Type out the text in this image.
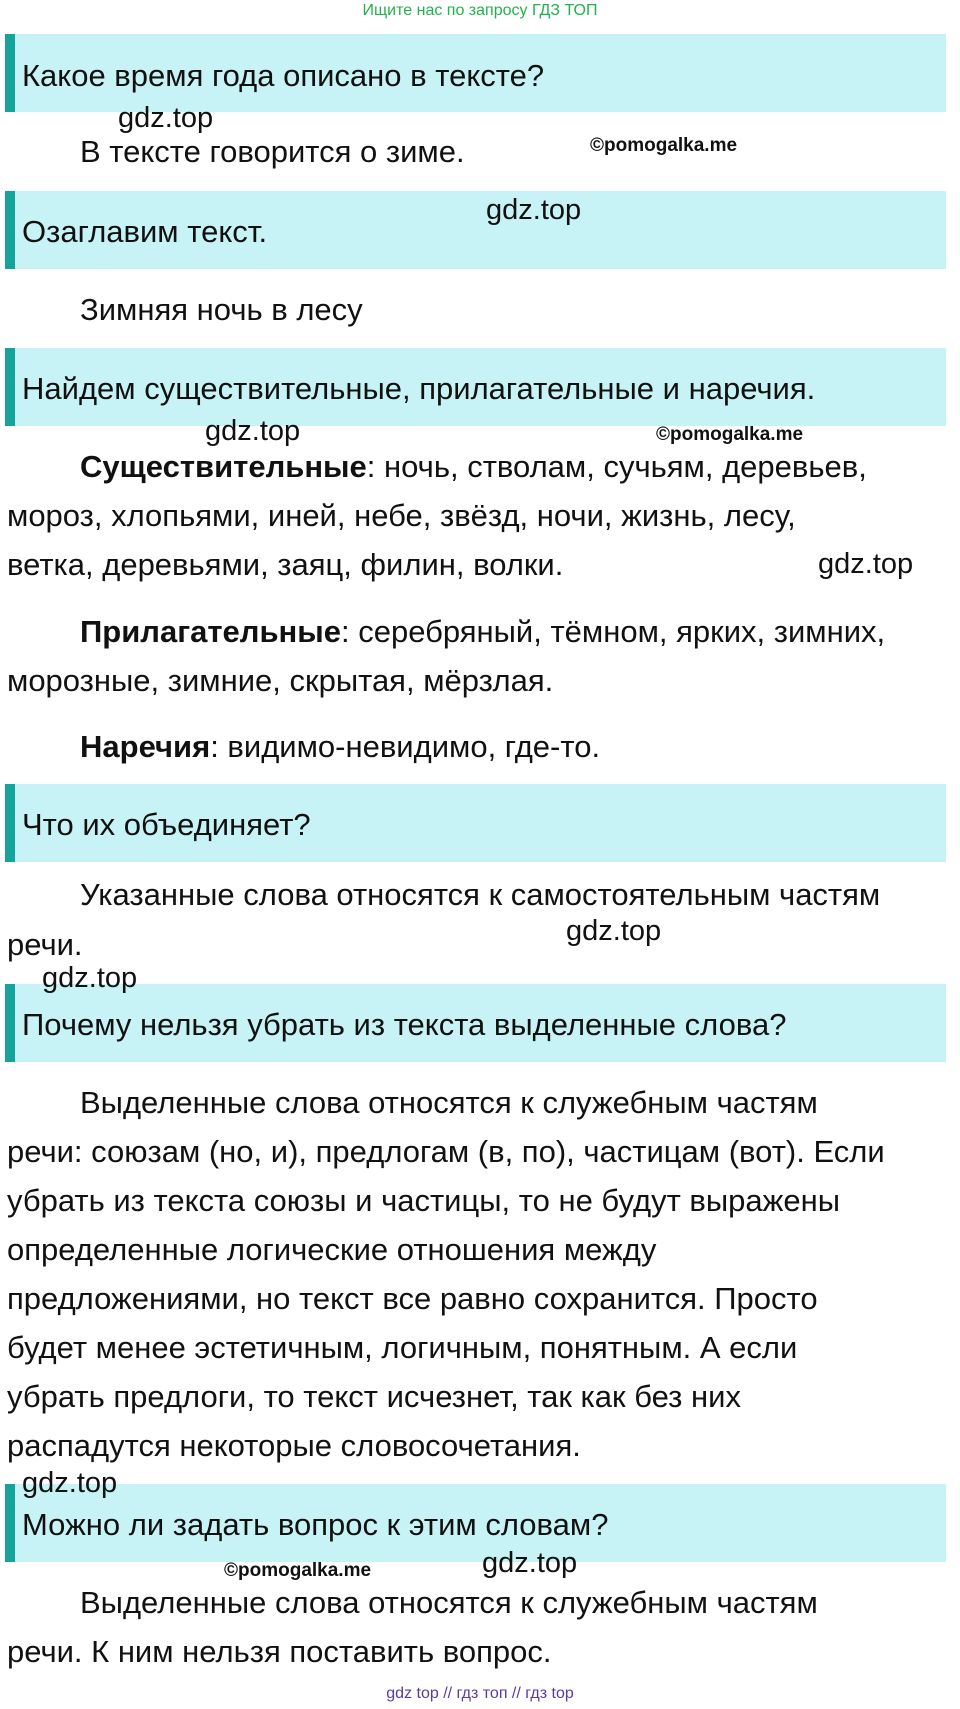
Ищите нас по запросу ГДЗ ТОП
Какое время года описано в тексте?
В тексте говорится о зиме.
Озаглавим текст.
Зимняя ночь в лесу
Найдем существительные, прилагательные и наречия.
Существительные: ночь, стволам, сучьям, деревьев,
мороз, хлопьями, иней, небе, звёзд, ночи, жизнь, лесу,
ветка, деревьями, заяц, филин, волки.
Прилагательные: серебряный, тёмном, ярких, зимних,
морозные, зимние, скрытая, мёрзлая.
Наречия: видимо-невидимо, где-то.
Что их объединяет?
Указанные слова относятся к самостоятельным частям
речи.
Почему нельзя убрать из текста выделенные слова?
Выделенные слова относятся к служебным частям
речи: союзам (но, и), предлогам (в, по), частицам (вот). Если
убрать из текста союзы и частицы, то не будут выражены
определенные логические отношения между
предложениями, но текст все равно сохранится. Просто
будет менее эстетичным, логичным, понятным. А если
убрать предлоги, то текст исчезнет, так как без них
распадутся некоторые словосочетания.
Можно ли задать вопрос к этим словам?
Выделенные слова относятся к служебным частям
речи. К ним нельзя поставить вопрос.
gdz.top
©pomogalka.me
gdz.top
gdz.top	©pomogalka.me
gdz.top
gdz.top
gdz.top
gdz.top
©pomogalka.me	gdz.top
gdz top // гдз топ // гдз top
